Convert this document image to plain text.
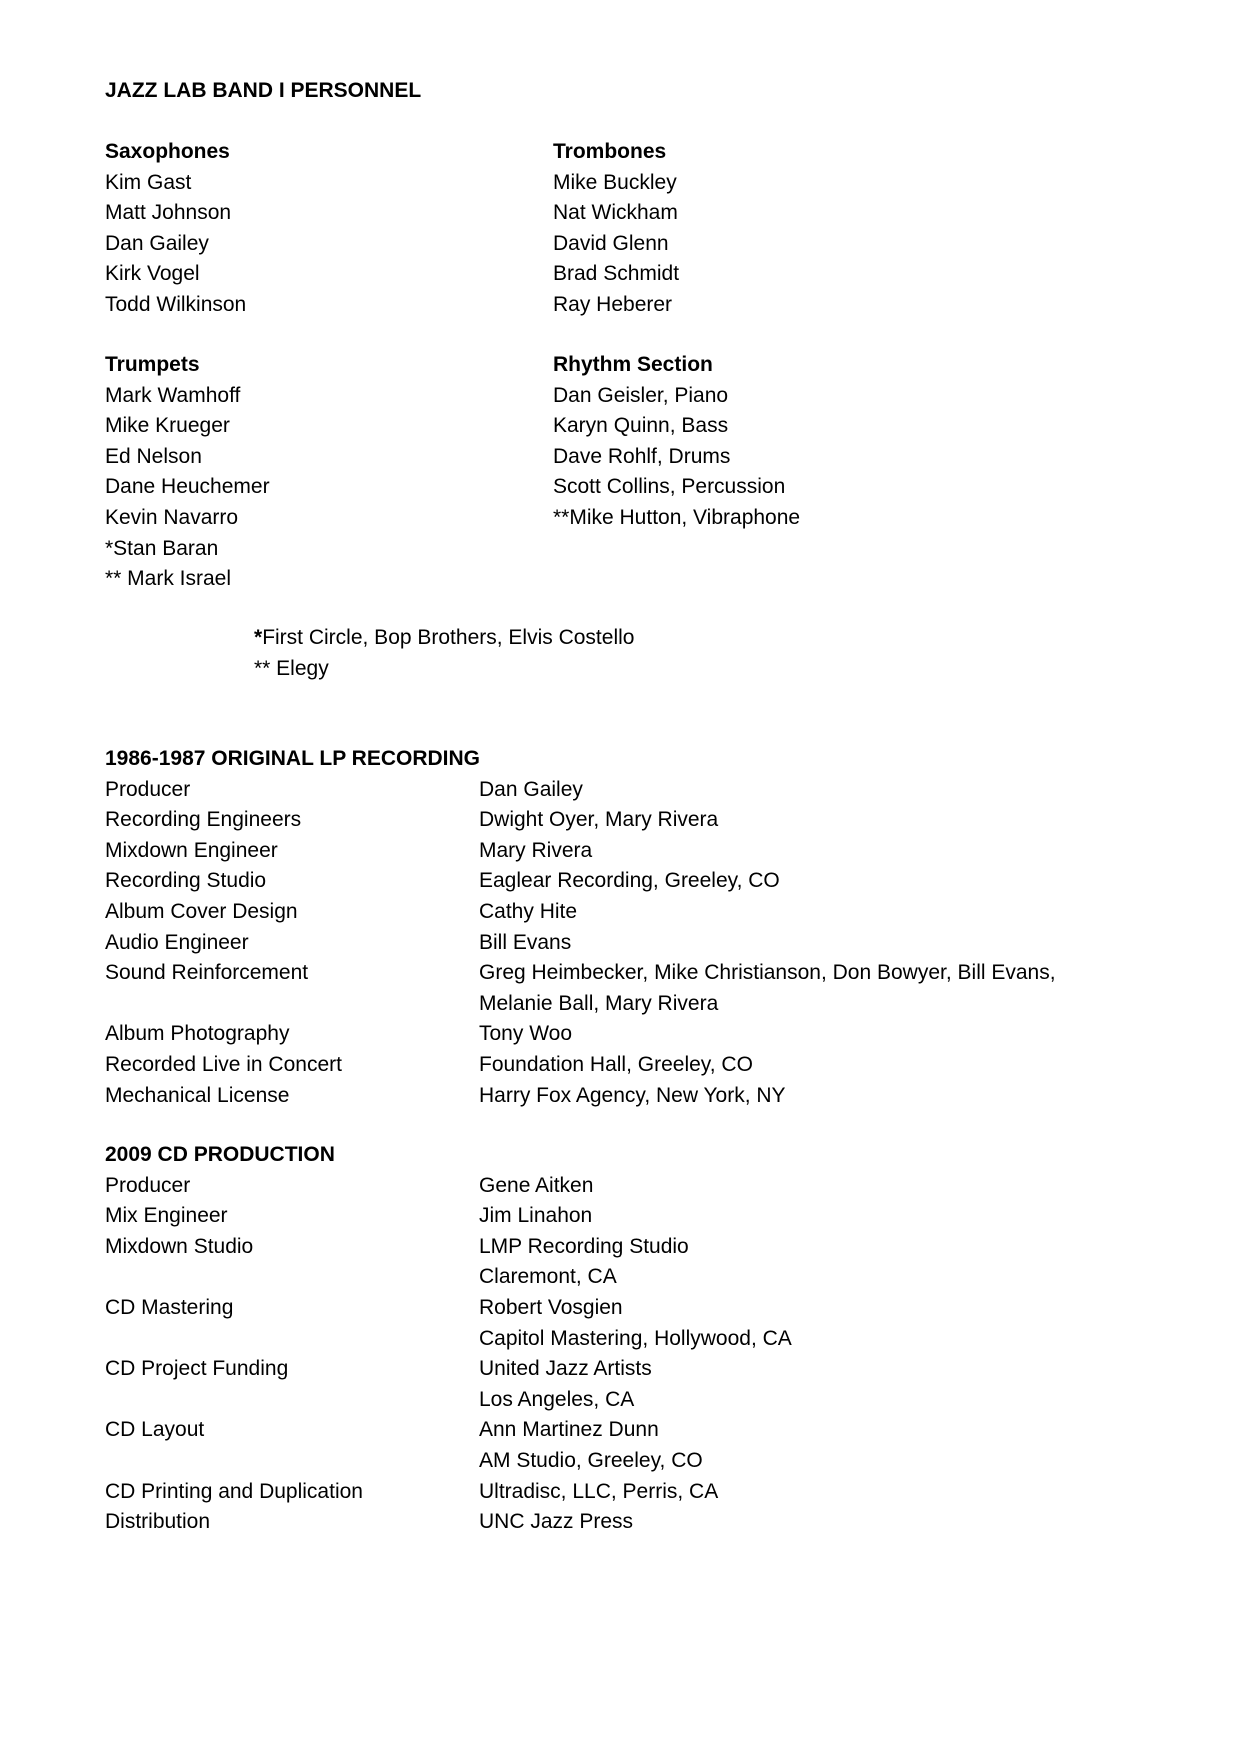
JAZZ LAB BAND I PERSONNEL
Saxophones
Kim Gast
Matt Johnson
Dan Gailey
Kirk Vogel
Todd Wilkinson
Trombones
Mike Buckley
Nat Wickham
David Glenn
Brad Schmidt
Ray Heberer
Trumpets
Mark Wamhoff
Mike Krueger
Ed Nelson
Dane Heuchemer
Kevin Navarro
*Stan Baran
** Mark Israel
Rhythm Section
Dan Geisler, Piano
Karyn Quinn, Bass
Dave Rohlf, Drums
Scott Collins, Percussion
**Mike Hutton, Vibraphone
*First Circle, Bop Brothers, Elvis Costello
** Elegy
1986-1987 ORIGINAL LP RECORDING
Producer	Dan Gailey
Recording Engineers	Dwight Oyer, Mary Rivera
Mixdown Engineer	Mary Rivera
Recording Studio	Eaglear Recording, Greeley, CO
Album Cover Design	Cathy Hite
Audio Engineer	Bill Evans
Sound Reinforcement	Greg Heimbecker, Mike Christianson, Don Bowyer, Bill Evans,
Melanie Ball, Mary Rivera
Album Photography	Tony Woo
Recorded Live in Concert	Foundation Hall, Greeley, CO
Mechanical License	Harry Fox Agency, New York, NY
2009 CD PRODUCTION
Producer	Gene Aitken
Mix Engineer	Jim Linahon
Mixdown Studio	LMP Recording Studio
Claremont, CA
CD Mastering	Robert Vosgien
Capitol Mastering, Hollywood, CA
CD Project Funding	United Jazz Artists
Los Angeles, CA
CD Layout	Ann Martinez Dunn
AM Studio, Greeley, CO
CD Printing and Duplication	Ultradisc, LLC, Perris, CA
Distribution	UNC Jazz Press
